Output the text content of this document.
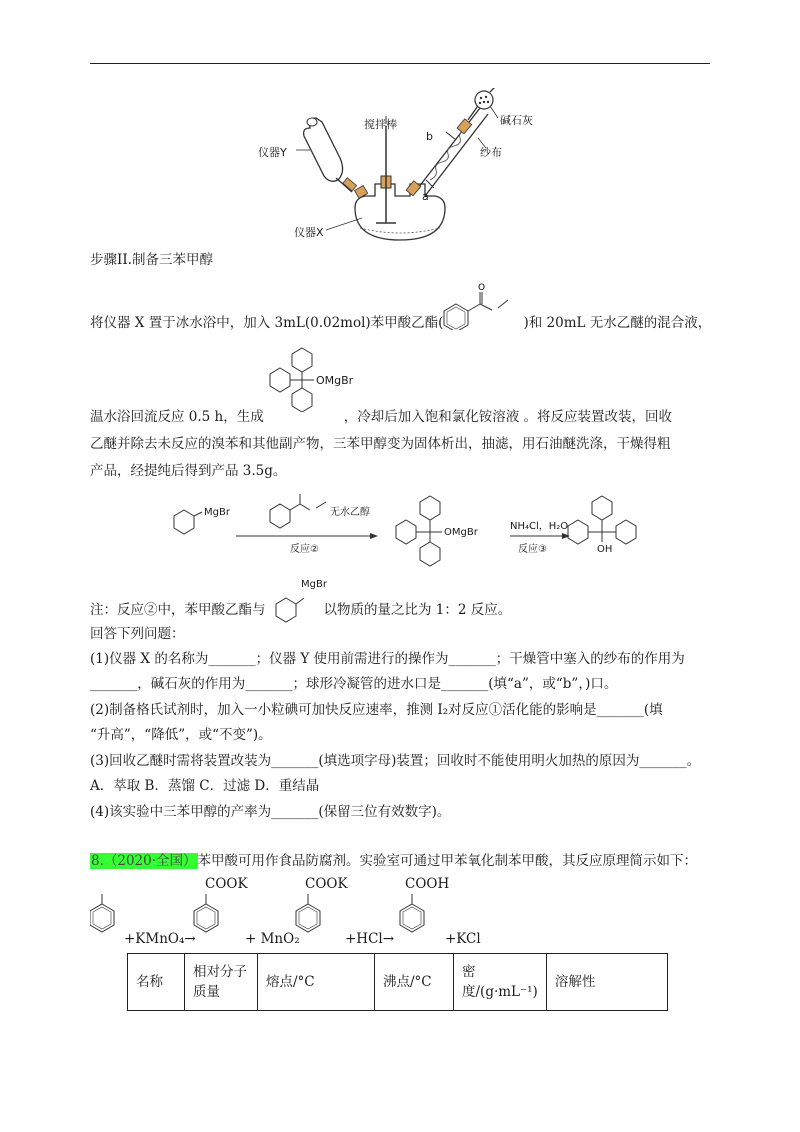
搅拌棒	碱石灰
纱布
b
a
仪器Y
仪器X
步骤II.制备三苯甲醇
O
将仪器 X 置于冰水浴中，加入 3mL(0.02mol)苯甲酸乙酯(	)和 20mL 无水乙醚的混合液，
OMgBr
温水浴回流反应 0.5 h，生成	，冷却后加入饱和氯化铵溶液 。将反应装置改装，回收
乙醚并除去未反应的溴苯和其他副产物，三苯甲醇变为固体析出，抽滤，用石油醚洗涤，干燥得粗
产品，经提纯后得到产品 3.5g。
MgBr	无水乙醇
反应②
OMgBr
NH₄Cl，H₂O
反应③	OH
MgBr
注：反应②中，苯甲酸乙酯与	以物质的量之比为 1：2 反应。
回答下列问题：
(1)仪器 X 的名称为_______；仪器 Y 使用前需进行的操作为_______；干燥管中塞入的纱布的作用为
_______，碱石灰的作用为_______；球形冷凝管的进水口是_______(填“a”，或“b”，)口。
(2)制备格氏试剂时，加入一小粒碘可加快反应速率，推测 I₂对反应①活化能的影响是_______(填
“升高”，“降低”，或“不变”)。
(3)回收乙醚时需将装置改装为_______(填选项字母)装置；回收时不能使用明火加热的原因为_______。
A．萃取 B．蒸馏 C．过滤 D．重结晶
(4)该实验中三苯甲醇的产率为_______(保留三位有效数字)。
8.（2020·全国）苯甲酸可用作食品防腐剂。实验室可通过甲苯氧化制苯甲酸，其反应原理简示如下：
COOK	COOK	COOH
+KMnO₄→	+ MnO₂	+HCl→	+KCl
名称	相对分子质量	熔点/°C	沸点/°C	密度/(g·mL⁻¹)	溶解性
